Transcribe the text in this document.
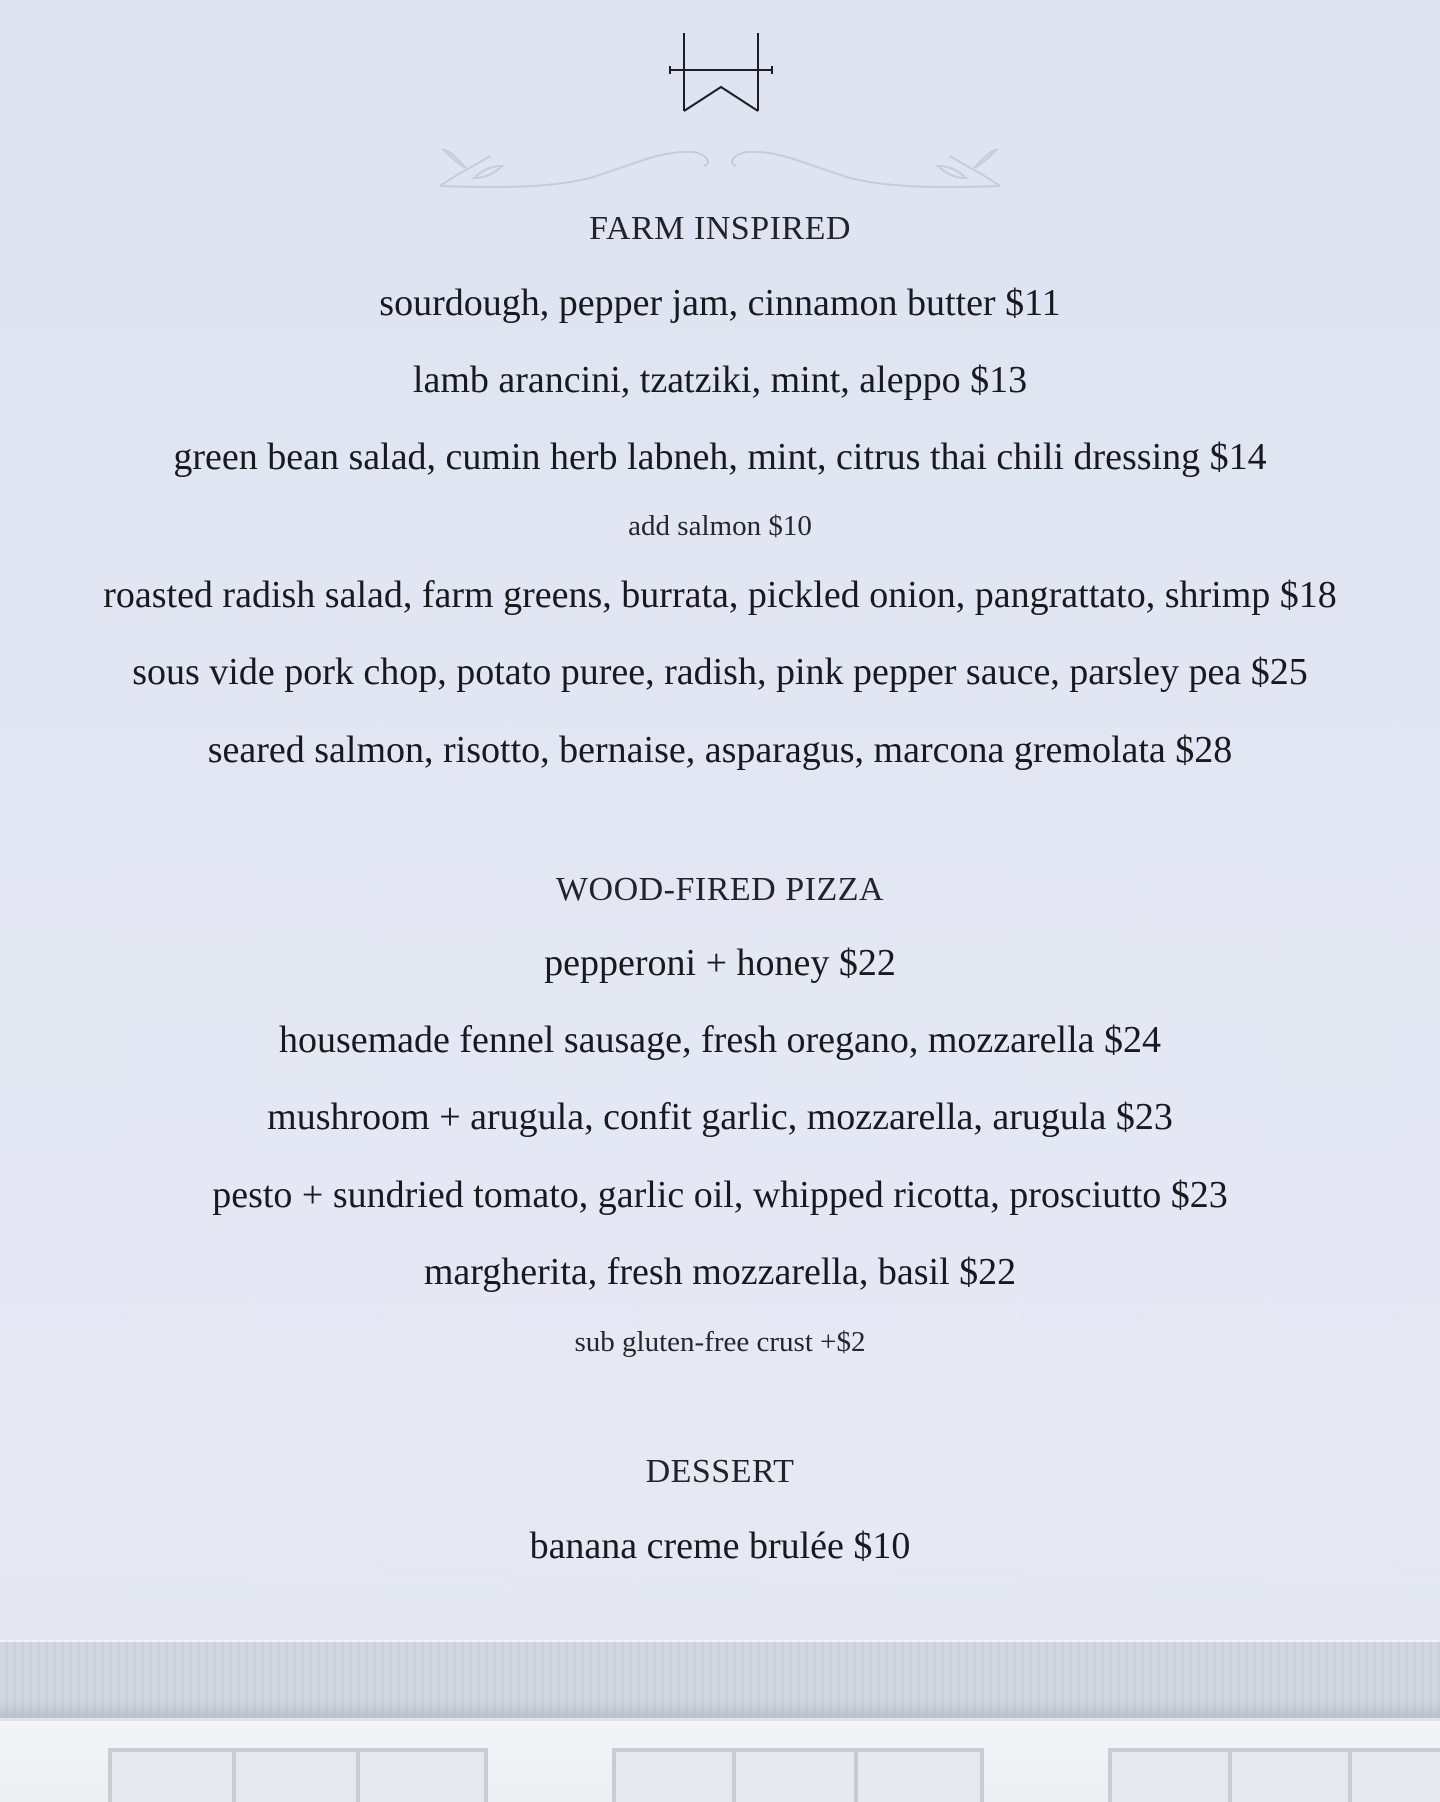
FARM INSPIRED
sourdough, pepper jam, cinnamon butter $11
lamb arancini, tzatziki, mint, aleppo $13
green bean salad, cumin herb labneh, mint, citrus thai chili dressing $14
add salmon $10
roasted radish salad, farm greens, burrata, pickled onion, pangrattato, shrimp $18
sous vide pork chop, potato puree, radish, pink pepper sauce, parsley pea $25
seared salmon, risotto, bernaise, asparagus, marcona gremolata $28
WOOD-FIRED PIZZA
pepperoni + honey $22
housemade fennel sausage, fresh oregano, mozzarella $24
mushroom + arugula, confit garlic, mozzarella, arugula $23
pesto + sundried tomato, garlic oil, whipped ricotta, prosciutto $23
margherita, fresh mozzarella, basil $22
sub gluten-free crust +$2
DESSERT
banana creme brulée $10
